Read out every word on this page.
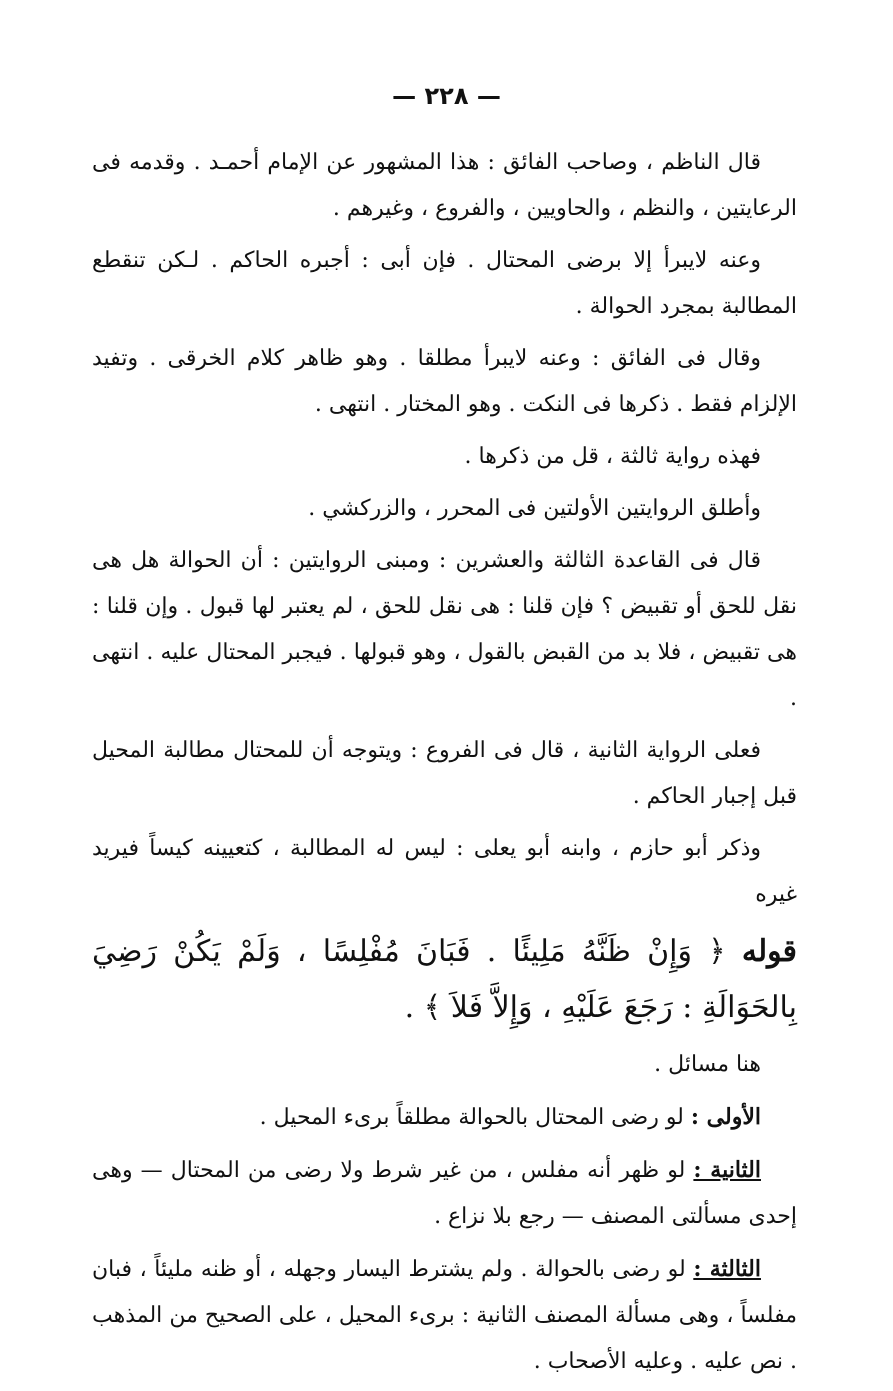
— ٢٢٨ —

قال الناظم ، وصاحب الفائق : هذا المشهور عن الإمام أحمـد . وقدمه فى الرعايتين ، والنظم ، والحاويين ، والفروع ، وغيرهم .

وعنه لايبرأ إلا برضى المحتال . فإن أبى : أجبره الحاكم . لـكن تنقطع المطالبة بمجرد الحوالة .

وقال فى الفائق : وعنه لايبرأ مطلقا . وهو ظاهر كلام الخرقى . وتفيد الإلزام فقط . ذكرها فى النكت . وهو المختار . انتهى .

فهذه رواية ثالثة ، قل من ذكرها .

وأطلق الروايتين الأولتين فى المحرر ، والزركشي .

قال فى القاعدة الثالثة والعشرين : ومبنى الروايتين : أن الحوالة هل هى نقل للحق أو تقبيض ؟ فإن قلنا : هى نقل للحق ، لم يعتبر لها قبول . وإن قلنا : هى تقبيض ، فلا بد من القبض بالقول ، وهو قبولها . فيجبر المحتال عليه . انتهى .

فعلى الرواية الثانية ، قال فى الفروع : ويتوجه أن للمحتال مطالبة المحيل قبل إجبار الحاكم .

وذكر أبو حازم ، وابنه أبو يعلى : ليس له المطالبة ، كتعيينه كيساً فيريد غيره

قوله ﴿ وَإِنْ ظَنَّهُ مَلِيئًا . فَبَانَ مُفْلِسًا ، وَلَمْ يَكُنْ رَضِيَ بِالحَوَالَةِ : رَجَعَ عَلَيْهِ ، وَإِلاَّ فَلاَ ﴾ .

هنا مسائل .

الأولى : لو رضى المحتال بالحوالة مطلقاً برىء المحيل .

الثانية : لو ظهر أنه مفلس ، من غير شرط ولا رضى من المحتال — وهى إحدى مسألتى المصنف — رجع بلا نزاع .

الثالثة : لو رضى بالحوالة . ولم يشترط اليسار وجهله ، أو ظنه مليئاً ، فبان مفلساً ، وهى مسألة المصنف الثانية : برىء المحيل ، على الصحيح من المذهب . نص عليه . وعليه الأصحاب .
